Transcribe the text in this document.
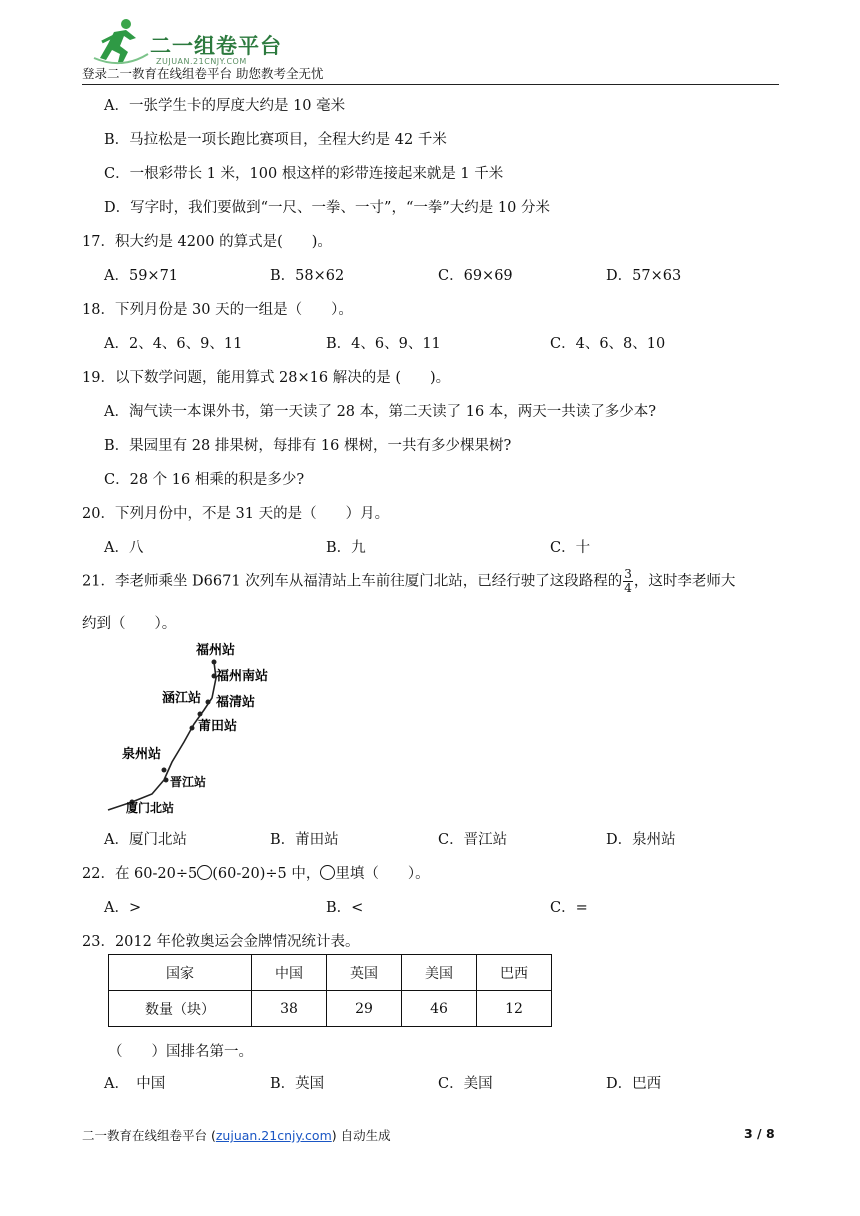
二一组卷平台
ZUJUAN.21CNJY.COM
登录二一教育在线组卷平台 助您教考全无忧
A．一张学生卡的厚度大约是 10 毫米
B．马拉松是一项长跑比赛项目，全程大约是 42 千米
C．一根彩带长 1 米，100 根这样的彩带连接起来就是 1 千米
D．写字时，我们要做到“一尺、一拳、一寸”，“一拳”大约是 10 分米
17．积大约是 4200 的算式是(　　)。
A．59×71	B．58×62	C．69×69	D．57×63
18．下列月份是 30 天的一组是（　　）。
A．2、4、6、9、11	B．4、6、9、11	C．4、6、8、10
19．以下数学问题，能用算式 28×16 解决的是 (　　)。
A．淘气读一本课外书，第一天读了 28 本，第二天读了 16 本，两天一共读了多少本?
B．果园里有 28 排果树，每排有 16 棵树，一共有多少棵果树?
C．28 个 16 相乘的积是多少?
20．下列月份中，不是 31 天的是（　　）月。
A．八	B．九	C．十
21．李老师乘坐 D6671 次列车从福清站上车前往厦门北站，已经行驶了这段路程的 $\frac{3}{4}$ ，这时李老师大
约到（　　）。
福州站
福州南站
涵江站 福清站
莆田站
泉州站
晋江站
厦门北站
A．厦门北站	B．莆田站	C．晋江站	D．泉州站
22．在 60-20÷5 (60-20)÷5 中， 里填（　　）。
A．>	B．<	C．=
23．2012 年伦敦奥运会金牌情况统计表。
国家	中国	英国	美国	巴西
数量（块）	38	29	46	12
（　　）国排名第一。
A．　中国	B．英国	C．美国	D．巴西
二一教育在线组卷平台 (zujuan.21cnjy.com) 自动生成	3 / 8
